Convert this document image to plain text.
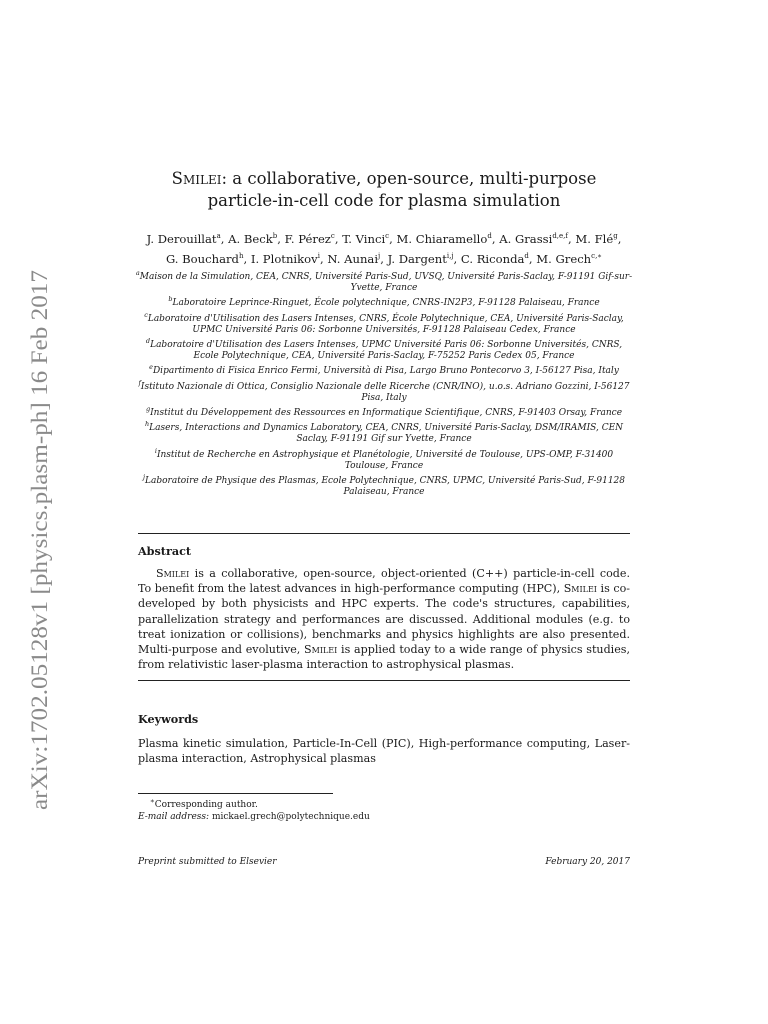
arXiv:1702.05128v1 [physics.plasm-ph] 16 Feb 2017
Smilei: a collaborative, open-source, multi-purpose
particle-in-cell code for plasma simulation
J. Derouillat$^a$, A. Beck$^b$, F. Pérez$^c$, T. Vinci$^c$, M. Chiaramello$^d$, A. Grassi$^{d,e,f}$, M. Flé$^g$,
G. Bouchard$^h$, I. Plotnikov$^i$, N. Aunai$^j$, J. Dargent$^{i,j}$, C. Riconda$^d$, M. Grech$^{c,∗}$
$^a$Maison de la Simulation, CEA, CNRS, Université Paris-Sud, UVSQ, Université Paris-Saclay, F-91191 Gif-sur-Yvette, France
$^b$Laboratoire Leprince-Ringuet, École polytechnique, CNRS-IN2P3, F-91128 Palaiseau, France
$^c$Laboratoire d'Utilisation des Lasers Intenses, CNRS, École Polytechnique, CEA, Université Paris-Saclay, UPMC Université Paris 06: Sorbonne Universités, F-91128 Palaiseau Cedex, France
$^d$Laboratoire d'Utilisation des Lasers Intenses, UPMC Université Paris 06: Sorbonne Universités, CNRS, Ecole Polytechnique, CEA, Université Paris-Saclay, F-75252 Paris Cedex 05, France
$^e$Dipartimento di Fisica Enrico Fermi, Università di Pisa, Largo Bruno Pontecorvo 3, I-56127 Pisa, Italy
$^f$Istituto Nazionale di Ottica, Consiglio Nazionale delle Ricerche (CNR/INO), u.o.s. Adriano Gozzini, I-56127 Pisa, Italy
$^g$Institut du Développement des Ressources en Informatique Scientifique, CNRS, F-91403 Orsay, France
$^h$Lasers, Interactions and Dynamics Laboratory, CEA, CNRS, Université Paris-Saclay, DSM/IRAMIS, CEN Saclay, F-91191 Gif sur Yvette, France
$^i$Institut de Recherche en Astrophysique et Planétologie, Université de Toulouse, UPS-OMP, F-31400 Toulouse, France
$^j$Laboratoire de Physique des Plasmas, Ecole Polytechnique, CNRS, UPMC, Université Paris-Sud, F-91128 Palaiseau, France
Abstract
Smilei is a collaborative, open-source, object-oriented (C++) particle-in-cell code. To benefit from the latest advances in high-performance computing (HPC), Smilei is co-developed by both physicists and HPC experts. The code's structures, capabilities, parallelization strategy and performances are discussed. Additional modules (e.g. to treat ionization or collisions), benchmarks and physics highlights are also presented. Multi-purpose and evolutive, Smilei is applied today to a wide range of physics studies, from relativistic laser-plasma interaction to astrophysical plasmas.
Keywords
Plasma kinetic simulation, Particle-In-Cell (PIC), High-performance computing, Laser-plasma interaction, Astrophysical plasmas
∗Corresponding author.
E-mail address: mickael.grech@polytechnique.edu
Preprint submitted to Elsevier	February 20, 2017
